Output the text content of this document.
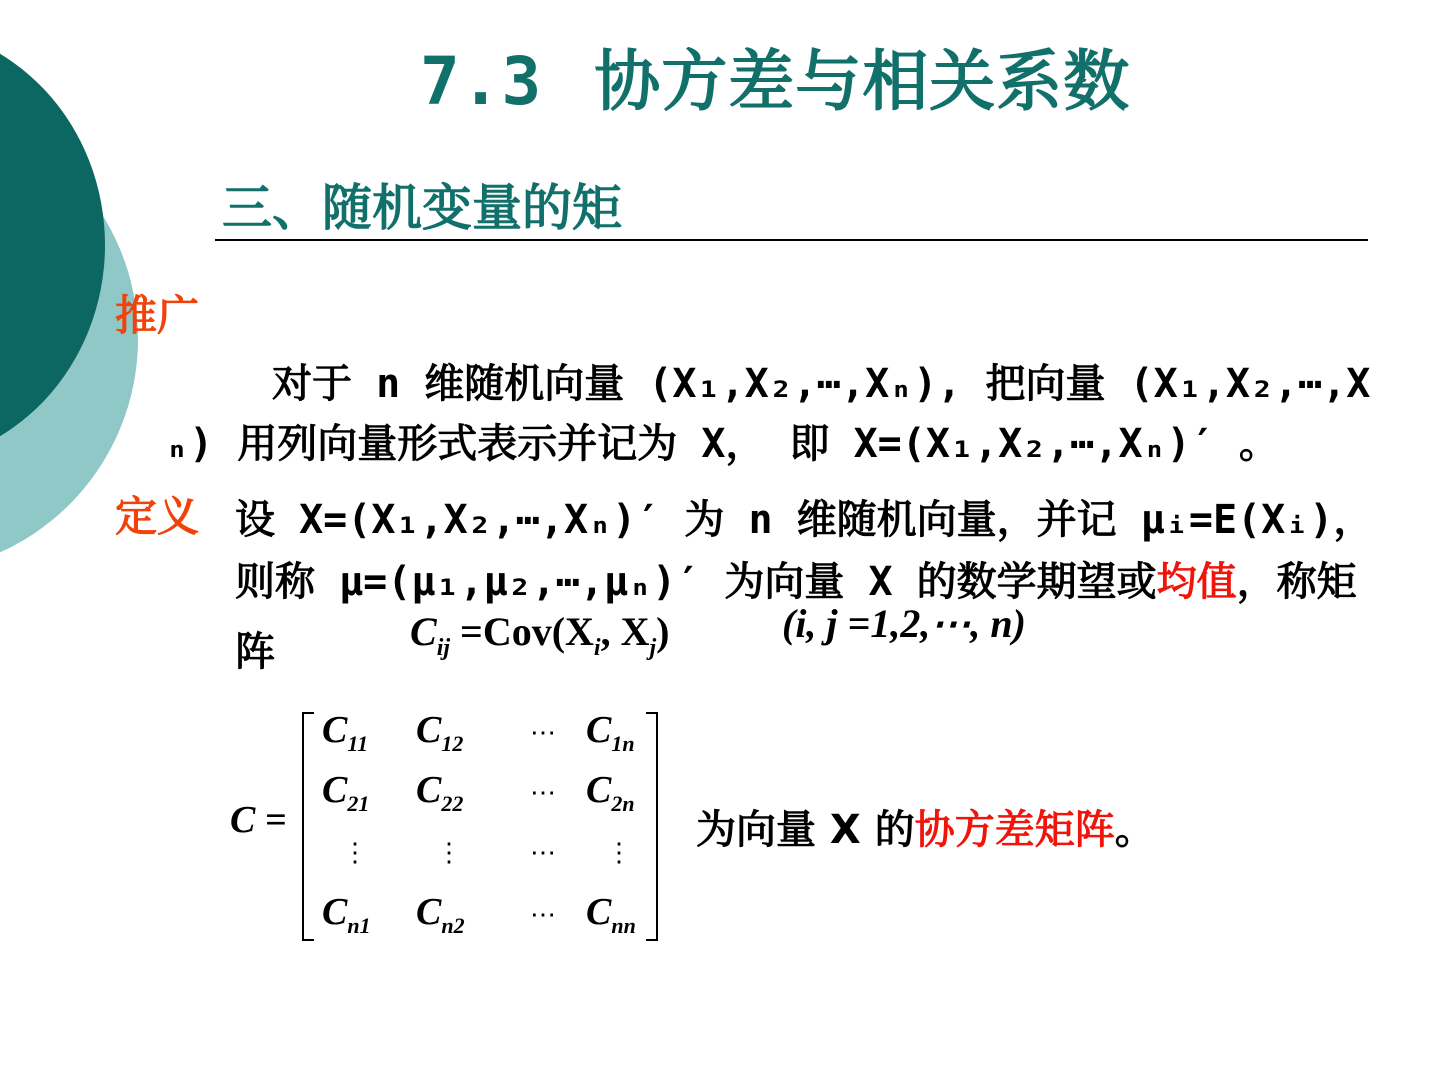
7.3 协方差与相关系数
三、随机变量的矩
推广
对于 n 维随机向量 (X₁,X₂,⋯,Xₙ), 把向量 (X₁,X₂,⋯,X
ₙ) 用列向量形式表示并记为 X， 即 X=(X₁,X₂,⋯,Xₙ)′ 。
定义 设 X=(X₁,X₂,⋯,Xₙ)′ 为 n 维随机向量，并记 μᵢ=E(Xᵢ)，
则称 μ=(μ₁,μ₂,⋯,μₙ)′ 为向量 X 的数学期望或均值，称矩
阵	$C_{ij} =Cov(X_i$, $X_j$)	(i, j =1,2,⋯, n)
C =
$C_{11}$ $C_{12}$	⋯ $C_{1n}$
$C_{21}$ $C_{22}$	⋯ $C_{2n}$
⋮	⋮	⋯ ⋮
$C_{n1}$ $C_{n2}$	⋯ $C_{nn}$
为向量 X 的协方差矩阵。
